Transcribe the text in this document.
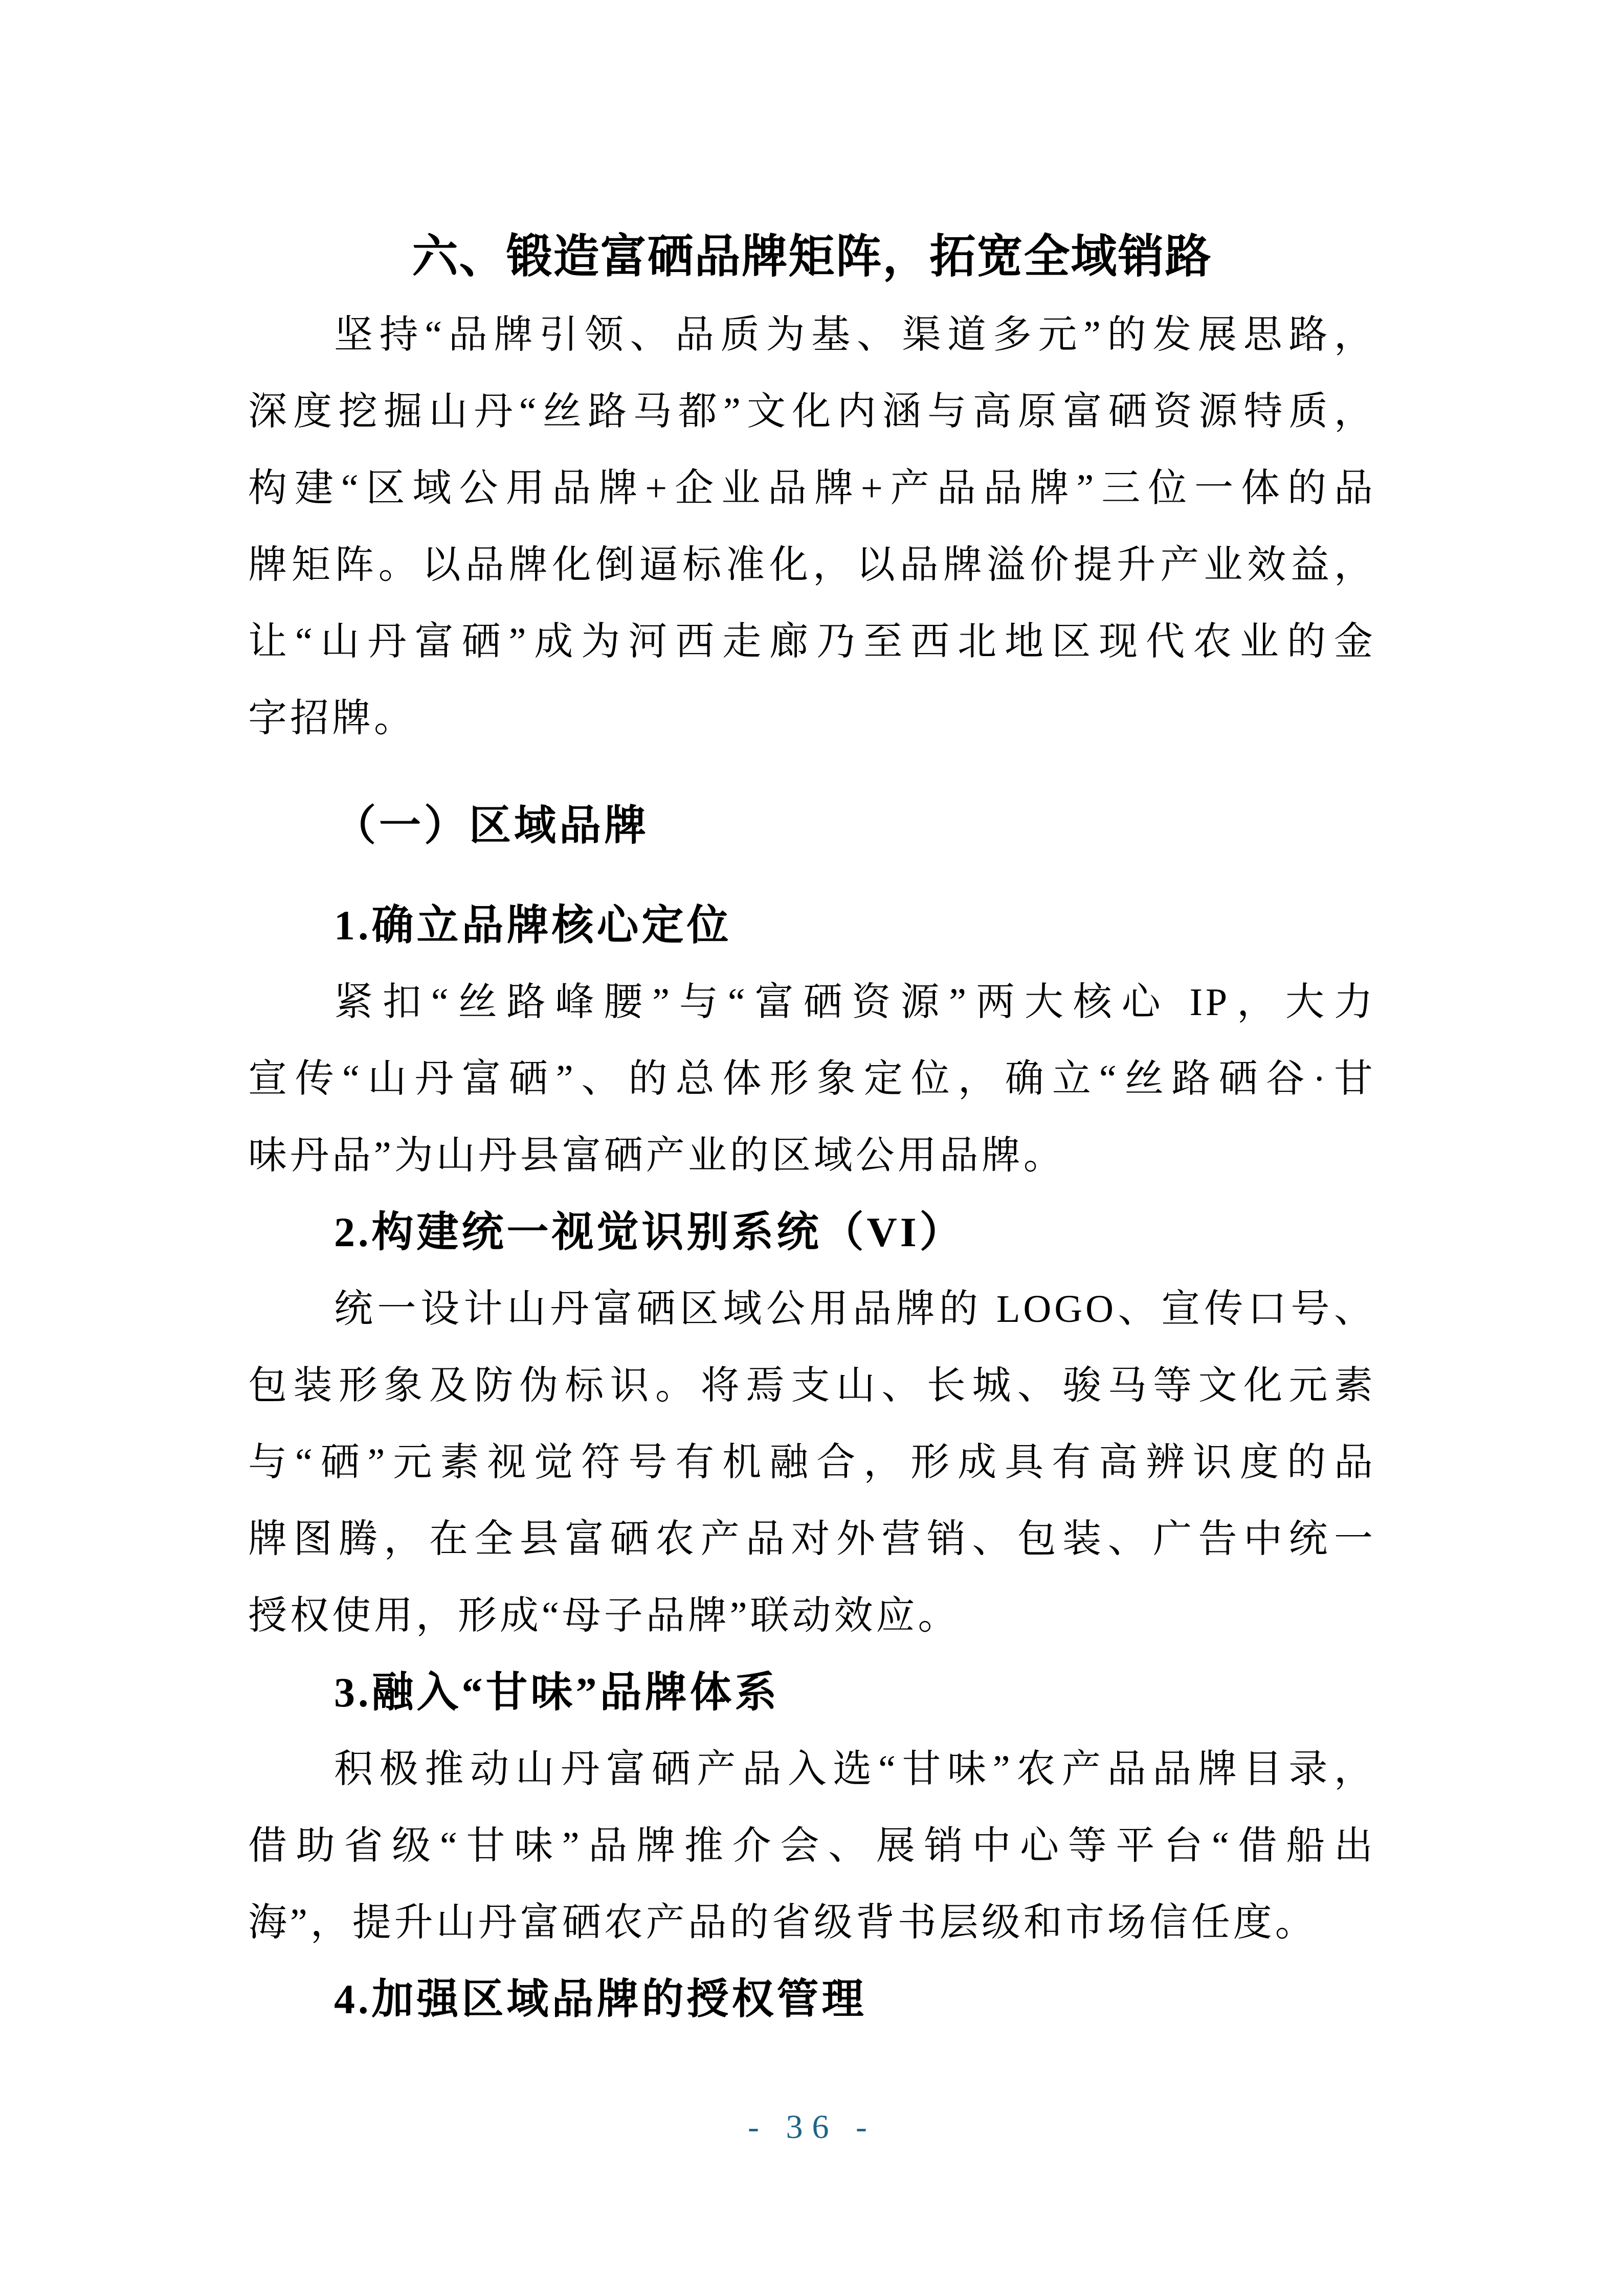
六、锻造富硒品牌矩阵，拓宽全域销路
坚持“品牌引领、品质为基、渠道多元”的发展思路，
深度挖掘山丹“丝路马都”文化内涵与高原富硒资源特质，
构建“区域公用品牌+企业品牌+产品品牌”三位一体的品
牌矩阵。以品牌化倒逼标准化，以品牌溢价提升产业效益，
让“山丹富硒”成为河西走廊乃至西北地区现代农业的金
字招牌。
（一）区域品牌
1.确立品牌核心定位
紧扣“丝路峰腰”与“富硒资源”两大核心 IP，大力
宣传“山丹富硒”、的总体形象定位，确立“丝路硒谷·甘
味丹品”为山丹县富硒产业的区域公用品牌。
2.构建统一视觉识别系统（VI）
统一设计山丹富硒区域公用品牌的 LOGO、宣传口号、
包装形象及防伪标识。将焉支山、长城、骏马等文化元素
与“硒”元素视觉符号有机融合，形成具有高辨识度的品
牌图腾，在全县富硒农产品对外营销、包装、广告中统一
授权使用，形成“母子品牌”联动效应。
3.融入“甘味”品牌体系
积极推动山丹富硒产品入选“甘味”农产品品牌目录，
借助省级“甘味”品牌推介会、展销中心等平台“借船出
海”，提升山丹富硒农产品的省级背书层级和市场信任度。
4.加强区域品牌的授权管理
- 36 -
